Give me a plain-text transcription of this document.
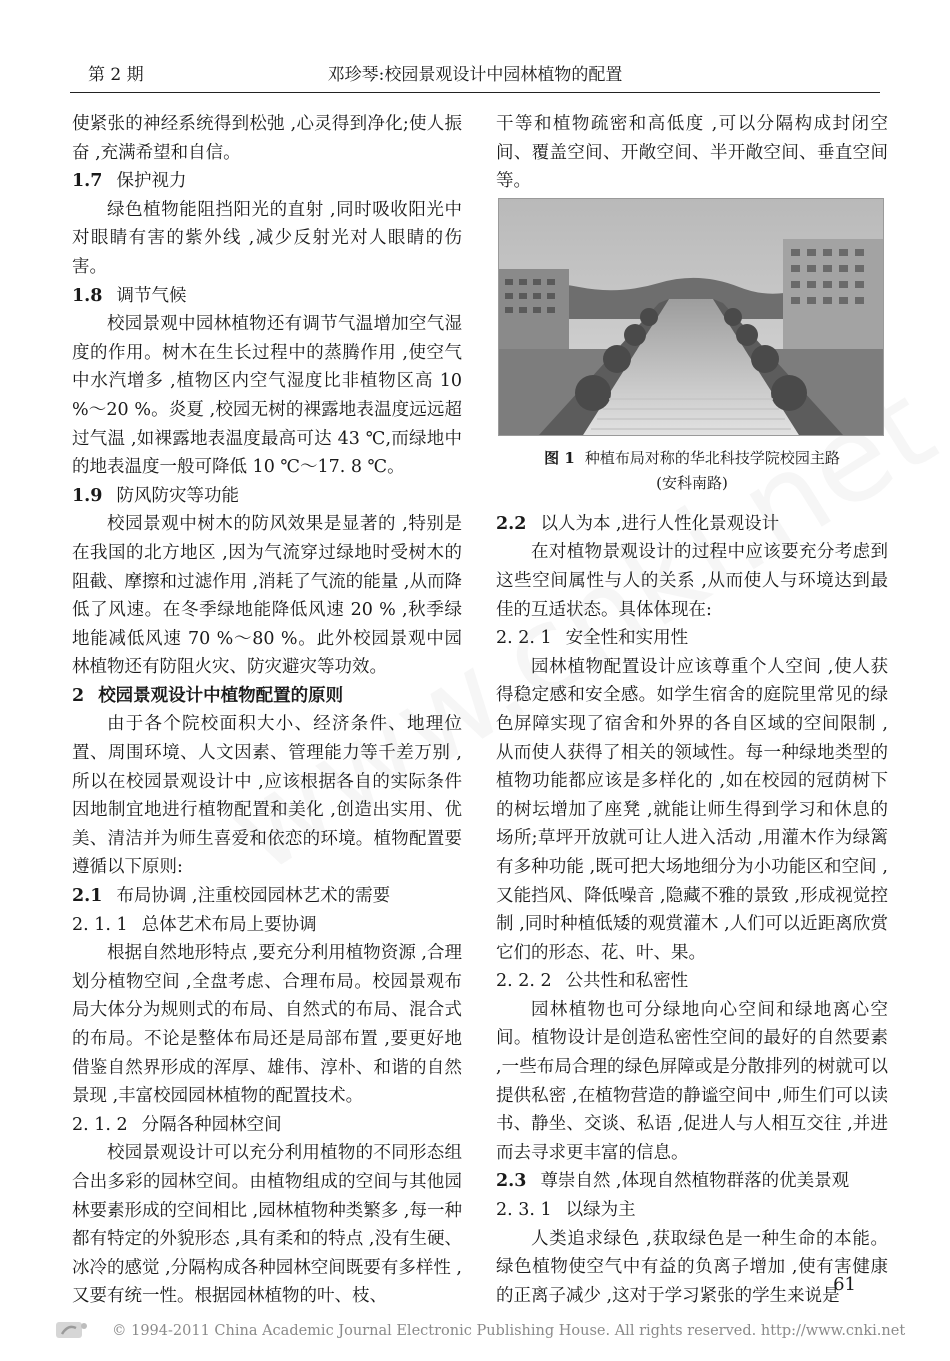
第 2 期	邓珍琴:校园景观设计中园林植物的配置

使紧张的神经系统得到松弛 ,心灵得到净化;使人振奋 ,充满希望和自信。

1.7 保护视力

绿色植物能阻挡阳光的直射 ,同时吸收阳光中对眼睛有害的紫外线 ,减少反射光对人眼睛的伤害。

1.8 调节气候

校园景观中园林植物还有调节气温增加空气湿度的作用。树木在生长过程中的蒸腾作用 ,使空气中水汽增多 ,植物区内空气湿度比非植物区高 10 %～20 %。炎夏 ,校园无树的裸露地表温度远远超过气温 ,如裸露地表温度最高可达 43 ℃,而绿地中的地表温度一般可降低 10 ℃～17. 8 ℃。

1.9 防风防灾等功能

校园景观中树木的防风效果是显著的 ,特别是在我国的北方地区 ,因为气流穿过绿地时受树木的阻截、摩擦和过滤作用 ,消耗了气流的能量 ,从而降低了风速。在冬季绿地能降低风速 20 % ,秋季绿地能减低风速 70 %～80 %。此外校园景观中园林植物还有防阻火灾、防灾避灾等功效。

2 校园景观设计中植物配置的原则

由于各个院校面积大小、经济条件、地理位置、周围环境、人文因素、管理能力等千差万别 ,所以在校园景观设计中 ,应该根据各自的实际条件因地制宜地进行植物配置和美化 ,创造出实用、优美、清洁并为师生喜爱和依恋的环境。植物配置要遵循以下原则:

2.1 布局协调 ,注重校园园林艺术的需要

2. 1. 1 总体艺术布局上要协调

根据自然地形特点 ,要充分利用植物资源 ,合理划分植物空间 ,全盘考虑、合理布局。校园景观布局大体分为规则式的布局、自然式的布局、混合式的布局。不论是整体布局还是局部布置 ,要更好地借鉴自然界形成的浑厚、雄伟、淳朴、和谐的自然景现 ,丰富校园园林植物的配置技术。

2. 1. 2 分隔各种园林空间

校园景观设计可以充分利用植物的不同形态组合出多彩的园林空间。由植物组成的空间与其他园林要素形成的空间相比 ,园林植物种类繁多 ,每一种都有特定的外貌形态 ,具有柔和的特点 ,没有生硬、冰冷的感觉 ,分隔构成各种园林空间既要有多样性 ,又要有统一性。根据园林植物的叶、枝、

干等和植物疏密和高低度 ,可以分隔构成封闭空间、覆盖空间、开敞空间、半开敞空间、垂直空间等。

图 1 种植布局对称的华北科技学院校园主路
(安科南路)

2.2 以人为本 ,进行人性化景观设计

在对植物景观设计的过程中应该要充分考虑到这些空间属性与人的关系 ,从而使人与环境达到最佳的互适状态。具体体现在:

2. 2. 1 安全性和实用性

园林植物配置设计应该尊重个人空间 ,使人获得稳定感和安全感。如学生宿舍的庭院里常见的绿色屏障实现了宿舍和外界的各自区域的空间限制 ,从而使人获得了相关的领域性。每一种绿地类型的植物功能都应该是多样化的 ,如在校园的冠荫树下的树坛增加了座凳 ,就能让师生得到学习和休息的场所;草坪开放就可让人进入活动 ,用灌木作为绿篱有多种功能 ,既可把大场地细分为小功能区和空间 ,又能挡风、降低噪音 ,隐藏不雅的景致 ,形成视觉控制 ,同时种植低矮的观赏灌木 ,人们可以近距离欣赏它们的形态、花、叶、果。

2. 2. 2 公共性和私密性

园林植物也可分绿地向心空间和绿地离心空间。植物设计是创造私密性空间的最好的自然要素 ,一些布局合理的绿色屏障或是分散排列的树就可以提供私密 ,在植物营造的静谧空间中 ,师生们可以读书、静坐、交谈、私语 ,促进人与人相互交往 ,并进而去寻求更丰富的信息。

2.3 尊崇自然 ,体现自然植物群落的优美景观

2. 3. 1 以绿为主

人类追求绿色 ,获取绿色是一种生命的本能。绿色植物使空气中有益的负离子增加 ,使有害健康的正离子减少 ,这对于学习紧张的学生来说是

61
© 1994-2011 China Academic Journal Electronic Publishing House. All rights reserved. http://www.cnki.net
